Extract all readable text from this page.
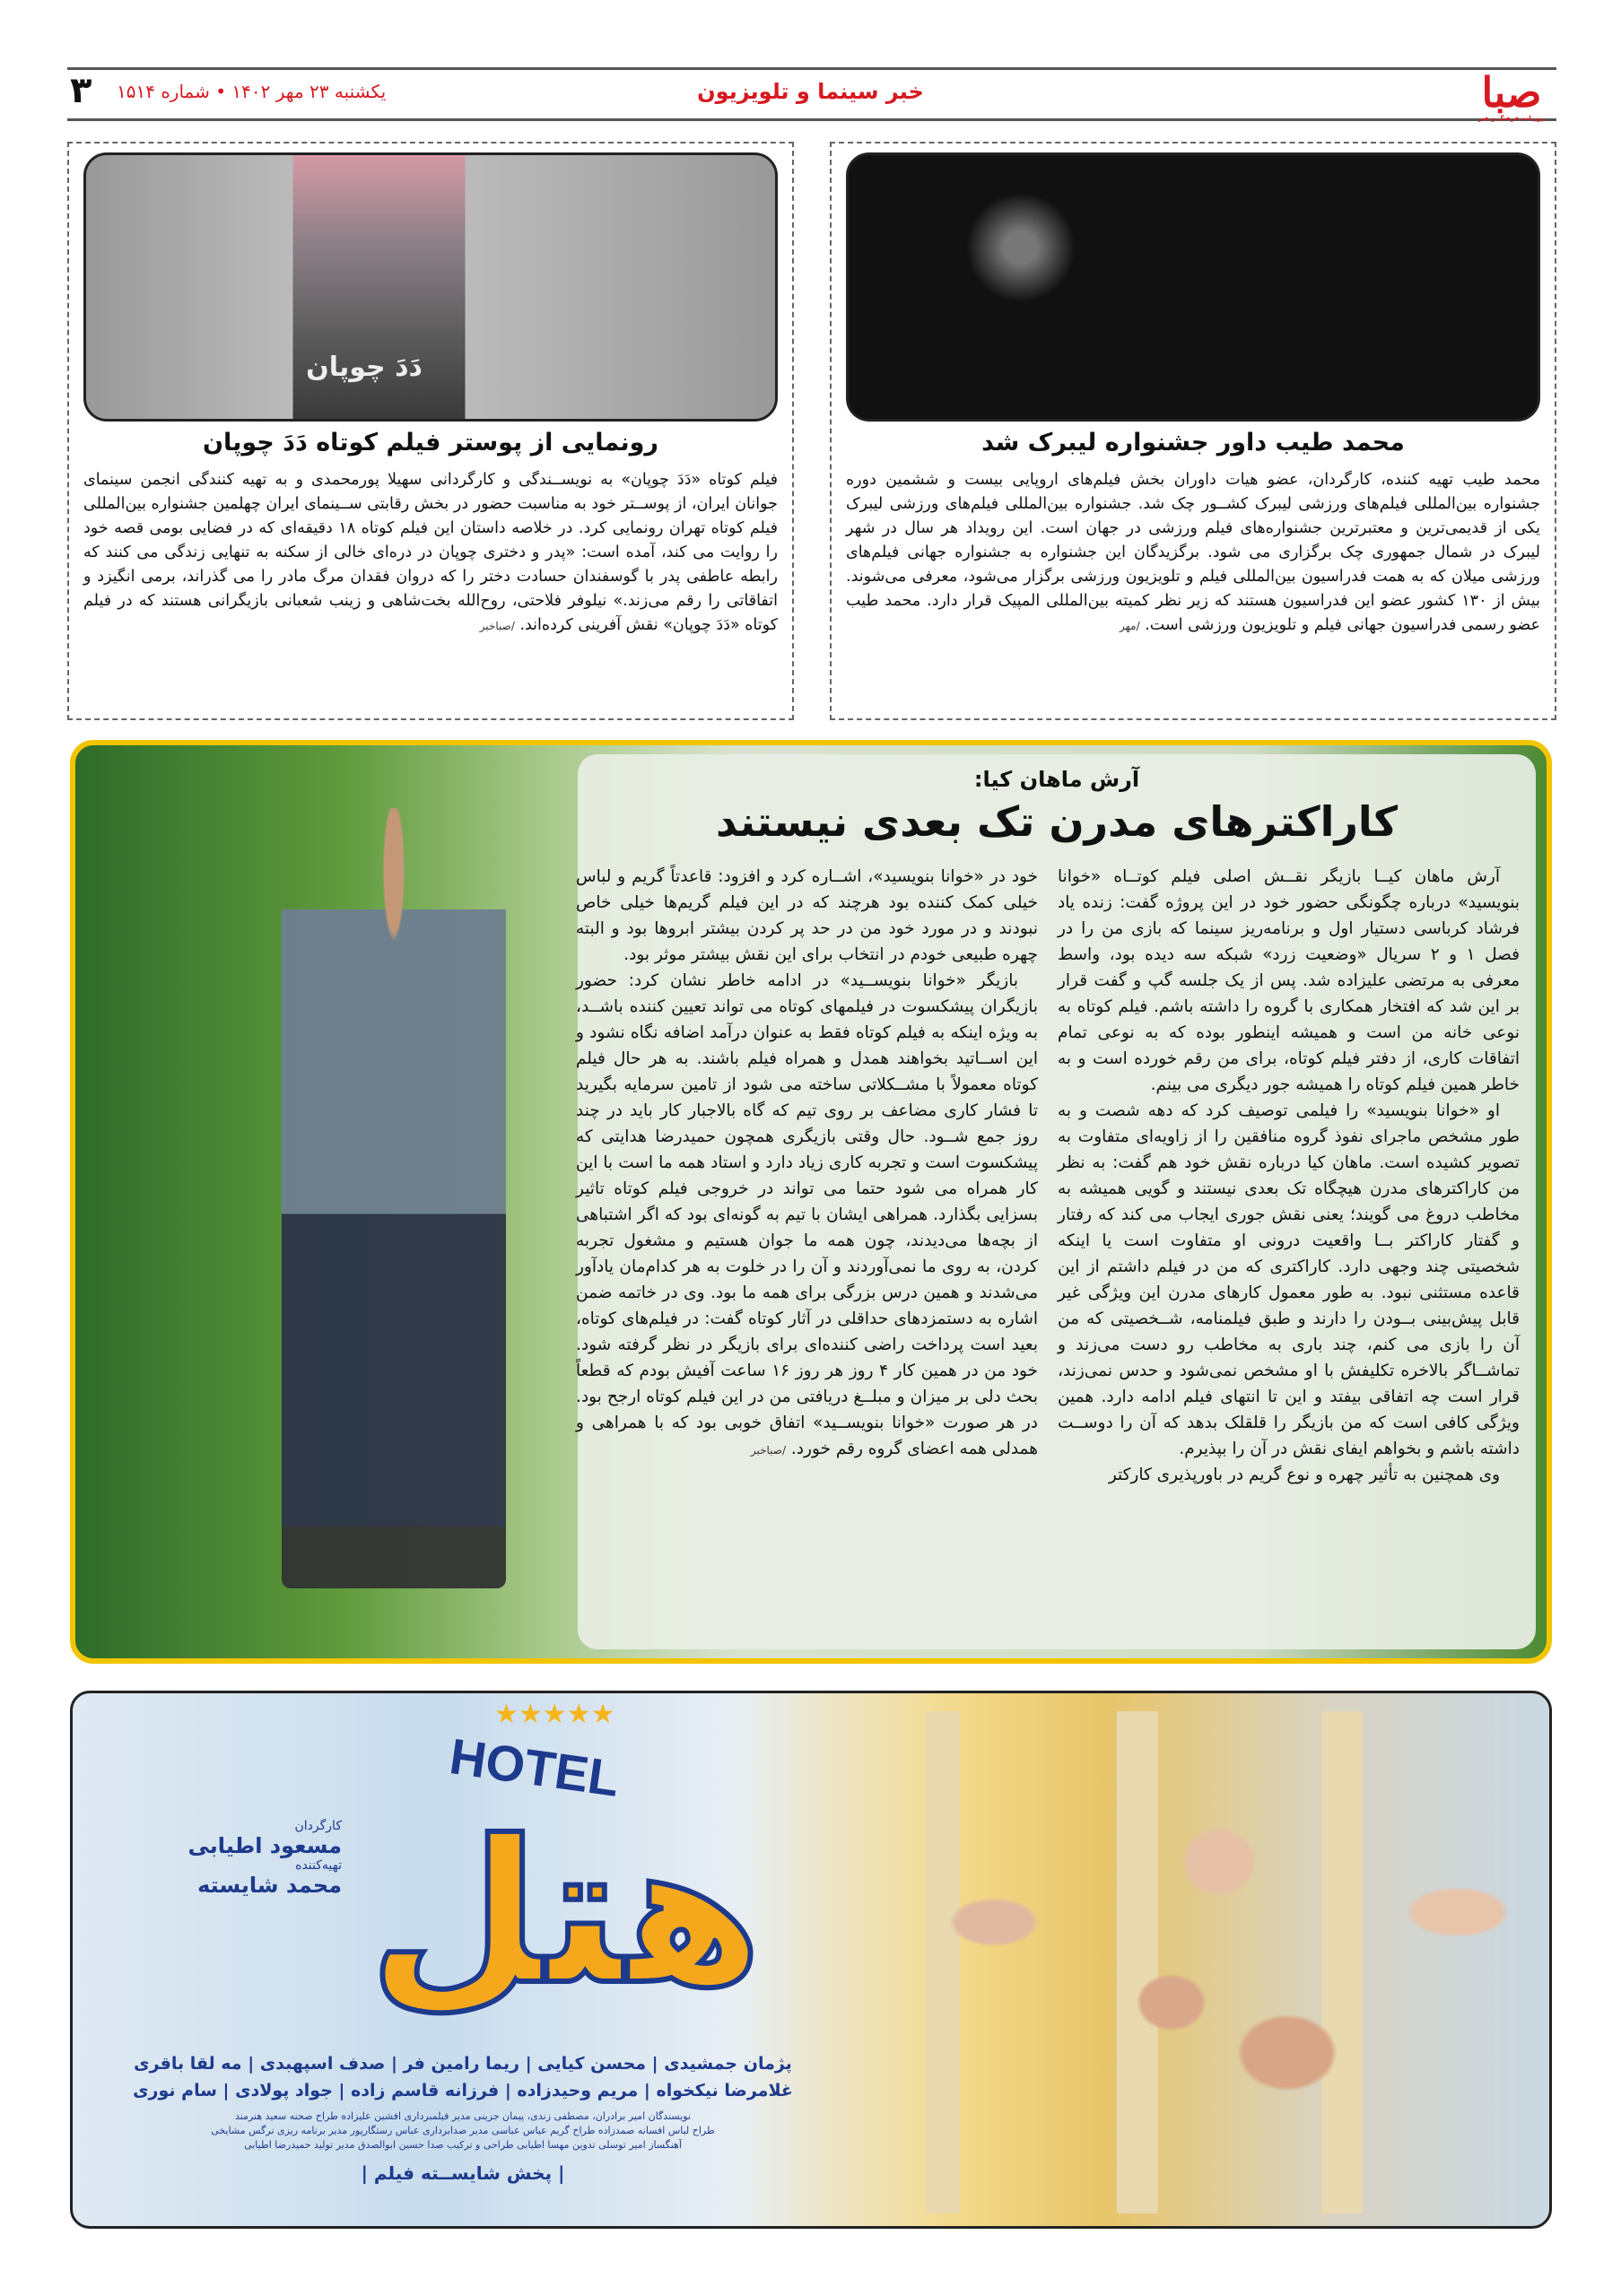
صبا
روزنامه فرهنگ و هنر
خبر سینما و تلویزیون
یکشنبه ۲۳ مهر ۱۴۰۲ • شماره ۱۵۱۴
۳
محمد طیب داور جشنواره لیبرک شد
محمد طیب تهیه کننده، کارگردان، عضو هیات داوران بخش فیلم‌های اروپایی بیست و ششمین دوره جشنواره بین‌المللی فیلم‌های ورزشی لیبرک کشــور چک شد. جشنواره بین‌المللی فیلم‌های ورزشی لیبرک یکی از قدیمی‌ترین و معتبرترین جشنواره‌های فیلم ورزشی در جهان است. این رویداد هر سال در شهر لیبرک در شمال جمهوری چک برگزاری می شود. برگزیدگان این جشنواره به جشنواره جهانی فیلم‌های ورزشی میلان که به همت فدراسیون بین‌المللی فیلم و تلویزیون ورزشی برگزار می‌شود، معرفی می‌شوند. بیش از ۱۳۰ کشور عضو این فدراسیون هستند که زیر نظر کمیته بین‌المللی المپیک قرار دارد. محمد طیب عضو رسمی فدراسیون جهانی فیلم و تلویزیون ورزشی است. /مهر
دَدَ چوپان
رونمایی از پوستر فیلم کوتاه دَدَ چوپان
فیلم کوتاه «دَدَ چوپان» به نویســندگی و کارگردانی سهیلا پورمحمدی و به تهیه کنندگی انجمن سینمای جوانان ایران، از پوســتر خود به مناسبت حضور در بخش رقابتی ســینمای ایران چهلمین جشنواره بین‌المللی فیلم کوتاه تهران رونمایی کرد. در خلاصه داستان این فیلم کوتاه ۱۸ دقیقه‌ای که در فضایی بومی قصه خود را روایت می کند، آمده است: «پدر و دختری چوپان در دره‌ای خالی از سکنه به تنهایی زندگی می کنند که رابطه عاطفی پدر با گوسفندان حسادت دختر را که دروان فقدان مرگ مادر را می گذراند، برمی انگیزد و اتفاقاتی را رقم می‌زند.» نیلوفر فلاحتی، روح‌الله بخت‌شاهی و زینب شعبانی بازیگرانی هستند که در فیلم کوتاه «دَدَ چوپان» نقش آفرینی کرده‌اند. /صباخبر
آرش ماهان کیا:
کاراکترهای مدرن تک بعدی نیستند

آرش ماهان کیــا بازیگر نقــش اصلی فیلم کوتــاه «خوانا بنویسید» درباره چگونگی حضور خود در این پروژه گفت: زنده یاد فرشاد کرباسی دستیار اول و برنامه‌ریز سینما که بازی من را در فصل ۱ و ۲ سریال «وضعیت زرد» شبکه سه دیده بود، واسط معرفی به مرتضی علیزاده شد. پس از یک جلسه گپ و گفت قرار بر این شد که افتخار همکاری با گروه را داشته باشم. فیلم کوتاه به نوعی خانه من است و همیشه اینطور بوده که به نوعی تمام اتفاقات کاری، از دفتر فیلم کوتاه، برای من رقم خورده است و به خاطر همین فیلم کوتاه را همیشه جور دیگری می بینم.

او «خوانا بنویسید» را فیلمی توصیف کرد که دهه شصت و به طور مشخص ماجرای نفوذ گروه منافقین را از زاویه‌ای متفاوت به تصویر کشیده است. ماهان کیا درباره نقش خود هم گفت: به نظر من کاراکترهای مدرن هیچگاه تک بعدی نیستند و گویی همیشه به مخاطب دروغ می گویند؛ یعنی نقش جوری ایجاب می کند که رفتار و گفتار کاراکتر بــا واقعیت درونی او متفاوت است یا اینکه شخصیتی چند وجهی دارد. کاراکتری که من در فیلم داشتم از این قاعده مستثنی نبود. به طور معمول کارهای مدرن این ویژگی غیر قابل پیش‌بینی بــودن را دارند و طبق فیلمنامه، شــخصیتی که من آن را بازی می کنم، چند باری به مخاطب رو دست می‌زند و تماشــاگر بالاخره تکلیفش با او مشخص نمی‌شود و حدس نمی‌زند، قرار است چه اتفاقی بیفتد و این تا انتهای فیلم ادامه دارد. همین ویژگی کافی است که من بازیگر را قلقلک بدهد که آن را دوســت داشته باشم و بخواهم ایفای نقش در آن را بپذیرم.

وی همچنین به تأثیر چهره و نوع گریم در باورپذیری کارکتر

خود در «خوانا بنویسید»، اشــاره کرد و افزود: قاعدتاً گریم و لباس خیلی کمک کننده بود هرچند که در این فیلم گریم‌ها خیلی خاص نبودند و در مورد خود من در حد پر کردن بیشتر ابروها بود و البته چهره طبیعی خودم در انتخاب برای این نقش بیشتر موثر بود.

بازیگر «خوانا بنویســید» در ادامه خاطر نشان کرد: حضور بازیگران پیشکسوت در فیلمهای کوتاه می تواند تعیین کننده باشــد، به ویژه اینکه به فیلم کوتاه فقط به عنوان درآمد اضافه نگاه نشود و این اســاتید بخواهند همدل و همراه فیلم باشند. به هر حال فیلم کوتاه معمولاً با مشــکلاتی ساخته می شود از تامین سرمایه بگیرید تا فشار کاری مضاعف بر روی تیم که گاه بالاجبار کار باید در چند روز جمع شــود. حال وقتی بازیگری همچون حمیدرضا هدایتی که پیشکسوت است و تجربه کاری زیاد دارد و استاد همه ما است با این کار همراه می شود حتما می تواند در خروجی فیلم کوتاه تاثیر بسزایی بگذارد. همراهی ایشان با تیم به گونه‌ای بود که اگر اشتباهی از بچه‌ها می‌دیدند، چون همه ما جوان هستیم و مشغول تجربه کردن، به روی ما نمی‌آوردند و آن را در خلوت به هر کدام‌مان یادآور می‌شدند و همین درس بزرگی برای همه ما بود. وی در خاتمه ضمن اشاره به دستمزدهای حداقلی در آثار کوتاه گفت: در فیلم‌های کوتاه، بعید است پرداخت راضی کننده‌ای برای بازیگر در نظر گرفته شود. خود من در همین کار ۴ روز هر روز ۱۶ ساعت آفیش بودم که قطعاً بحث دلی بر میزان و مبلــغ دریافتی من در این فیلم کوتاه ارجح بود. در هر صورت «خوانا بنویســید» اتفاق خوبی بود که با همراهی و همدلی همه اعضای گروه رقم خورد. /صباخبر

★★★★★
HOTEL
هتل
کارگردان
مسعود اطیابی
تهیه‌کننده
محمد شایسته
پژمان جمشیدی | محسن کیایی | ریما رامین فر | صدف اسپهبدی | مه لقا باقری
غلامرضا نیکخواه | مریم وحیدزاده | فرزانه قاسم زاده | جواد پولادی | سام نوری
نویسندگان امیر برادران، مصطفی زندی، پیمان جزینی مدیر فیلمبرداری افشین علیزاده طراح صحنه سعید هنرمند
طراح لباس افسانه صمدزاده طراح گریم عباس عباسی مدیر صدابرداری عباس رستگارپور مدیر برنامه ریزی نرگس مشایخی
آهنگساز امیر توسلی تدوین مهسا اطیابی طراحی و ترکیب صدا حسین ابوالصدق مدیر تولید حمیدرضا اطیابی
| پخش شایســته فیلم |
